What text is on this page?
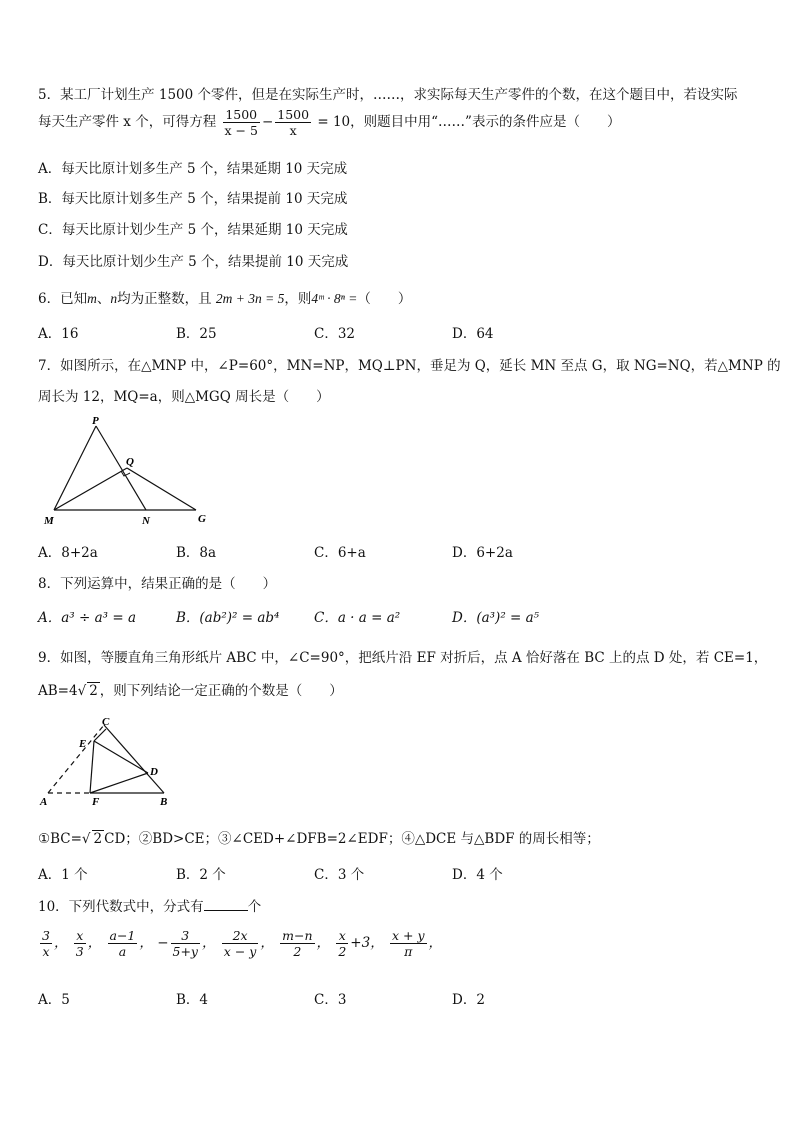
5．某工厂计划生产 1500 个零件，但是在实际生产时，……，求实际每天生产零件的个数，在这个题目中，若设实际
每天生产零件 x 个，可得方程 $\frac{1500}{x - 5} - \frac{1500}{x} = 10$，则题目中用“……”表示的条件应是（　　）
A．每天比原计划多生产 5 个，结果延期 10 天完成
B．每天比原计划多生产 5 个，结果提前 10 天完成
C．每天比原计划少生产 5 个，结果延期 10 天完成
D．每天比原计划少生产 5 个，结果提前 10 天完成
6．已知m、n均为正整数，且 2m + 3n = 5，则4ᵐ · 8ⁿ =（　　）
A．16	B．25	C．32	D．64
7．如图所示，在△MNP 中，∠P=60°，MN=NP，MQ⊥PN，垂足为 Q，延长 MN 至点 G，取 NG=NQ，若△MNP 的
周长为 12，MQ=a，则△MGQ 周长是（　　）
P
Q
M	N	G
A．8+2a	B．8a	C．6+a	D．6+2a
8．下列运算中，结果正确的是（　　）
A．a³ ÷ a³ = a	B．(ab²)² = ab⁴	C．a · a = a²	D．(a³)² = a⁵
9．如图，等腰直角三角形纸片 ABC 中，∠C=90°，把纸片沿 EF 对折后，点 A 恰好落在 BC 上的点 D 处，若 CE=1，
AB=4√ 2 ，则下列结论一定正确的个数是（　　）
C
E
D
A	F	B
①BC=√ 2 CD；②BD>CE；③∠CED+∠DFB=2∠EDF；④△DCE 与△BDF 的周长相等；
A．1 个	B．2 个	C．3 个	D．4 个
10．下列代数式中，分式有	个
$\frac{3}{x}$ ， $\frac{x}{3}$ ， $\frac{a-1}{a}$ ， − $\frac{3}{5+y}$ ， $\frac{2x}{x - y}$ ， $\frac{m-n}{2}$ ， $\frac{x}{2} +3$， $\frac{x + y}{\pi}$ ，
A．5	B．4	C．3	D．2
